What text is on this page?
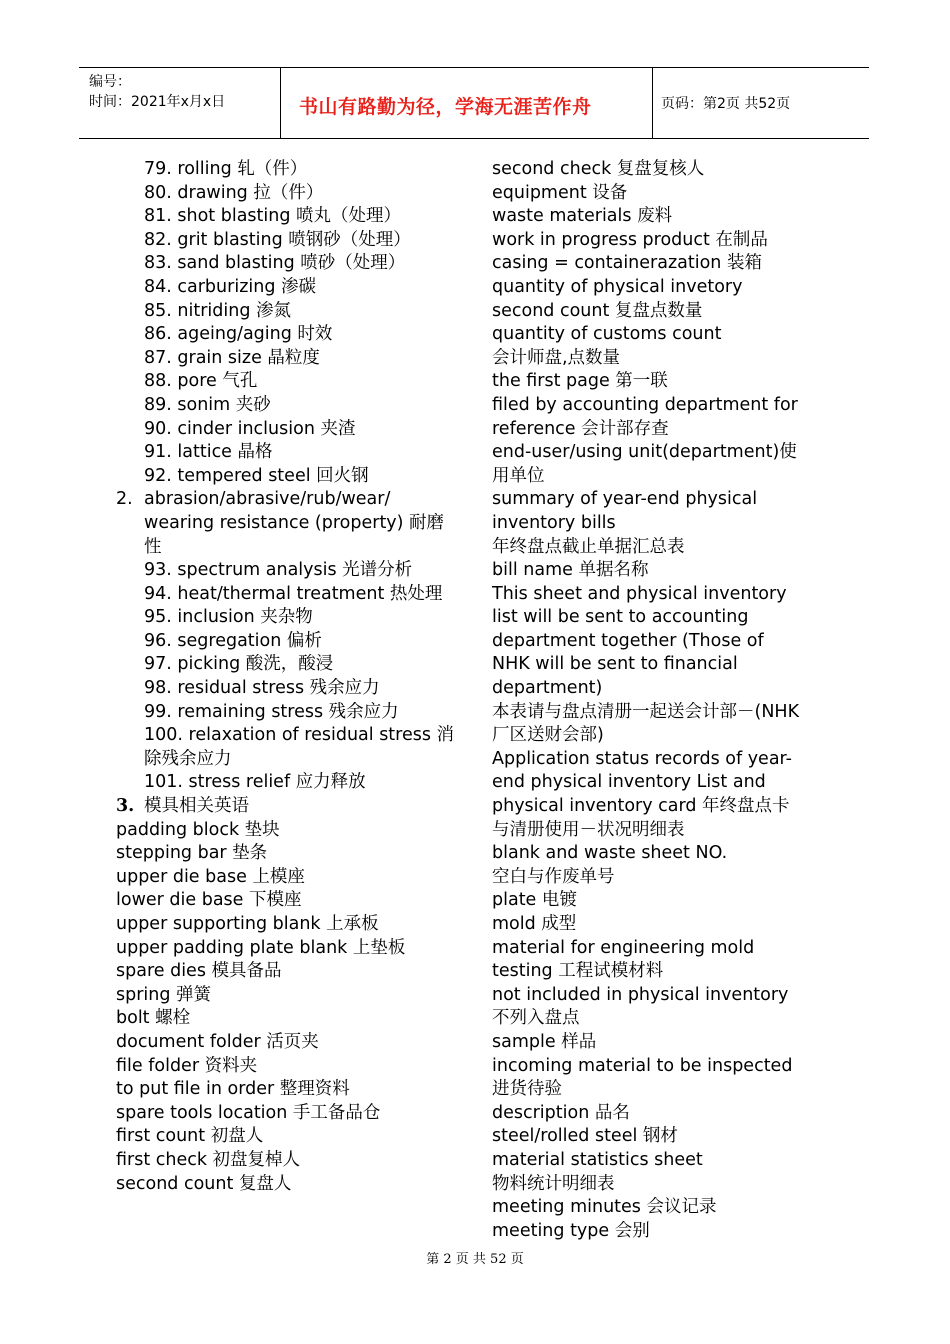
编号：
时间：2021年x月x日	书山有路勤为径，学海无涯苦作舟	页码：第2页 共52页
79. rolling 轧（件）
80. drawing 拉（件）
81. shot blasting 喷丸（处理）
82. grit blasting 喷钢砂（处理）
83. sand blasting 喷砂（处理）
84. carburizing 渗碳
85. nitriding 渗氮
86. ageing/aging 时效
87. grain size 晶粒度
88. pore 气孔
89. sonim 夹砂
90. cinder inclusion 夹渣
91. lattice 晶格
92. tempered steel 回火钢
2. abrasion/abrasive/rub/wear/ wearing resistance (property) 耐磨性
93. spectrum analysis 光谱分析
94. heat/thermal treatment 热处理
95. inclusion 夹杂物
96. segregation 偏析
97. picking 酸洗，酸浸
98. residual stress 残余应力
99. remaining stress 残余应力
100. relaxation of residual stress 消除残余应力
101. stress relief 应力释放
3. 模具相关英语
padding block 垫块
stepping bar 垫条
upper die base 上模座
lower die base 下模座
upper supporting blank 上承板
upper padding plate blank 上垫板
spare dies 模具备品
spring 弹簧
bolt 螺栓
document folder 活页夹
file folder 资料夹
to put file in order 整理资料
spare tools location 手工备品仓
first count 初盘人
first check 初盘复棹人
second count 复盘人
second check 复盘复核人
equipment 设备
waste materials 废料
work in progress product 在制品
casing = containerazation 装箱
quantity of physical invetory
second count 复盘点数量
quantity of customs count
会计师盘,点数量
the first page 第一联
filed by accounting department for
reference 会计部存查
end-user/using unit(department)使
用单位
summary of year-end physical
inventory bills
年终盘点截止单据汇总表
bill name 单据名称
This sheet and physical inventory
list will be sent to accounting
department together (Those of
NHK will be sent to financial
department)
本表请与盘点清册一起送会计部－(NHK
厂区送财会部)
Application status records of year-
end physical inventory List and
physical inventory card 年终盘点卡
与清册使用－状况明细表
blank and waste sheet NO.
空白与作废单号
plate 电镀
mold 成型
material for engineering mold
testing 工程试模材料
not included in physical inventory
不列入盘点
sample 样品
incoming material to be inspected
进货待验
description 品名
steel/rolled steel 钢材
material statistics sheet
物料统计明细表
meeting minutes 会议记录
meeting type 会别
第 2 页 共 52 页
